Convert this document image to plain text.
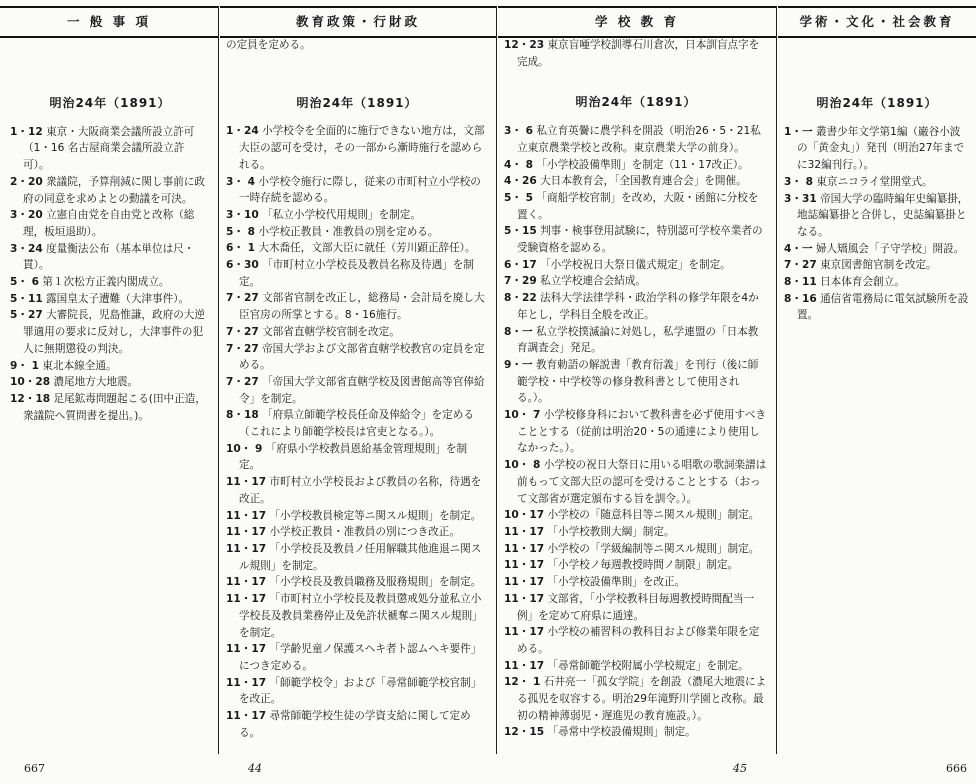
一 般 事 項	教育政策・行財政	学 校 教 育	学術・文化・社会教育
明治24年（1891）
1・12 東京・大阪商業会議所設立許可（1・16 名古屋商業会議所設立許可）。
2・20 衆議院，予算削減に関し事前に政府の同意を求めよとの動議を可決。
3・20 立憲自由党を自由党と改称（総理，板垣退助）。
3・24 度量衡法公布（基本単位は尺・貫）。
5・ 6 第１次松方正義内閣成立。
5・11 露国皇太子遭難（大津事件）。
5・27 大審院長，児島惟謙，政府の大逆罪適用の要求に反対し，大津事件の犯人に無期懲役の判決。
9・ 1 東北本線全通。
10・28 濃尾地方大地震。
12・18 足尾鉱毒問題起こる(田中正造，衆議院へ質問書を提出。)。
の定員を定める。
明治24年（1891）
1・24 小学校令を全面的に施行できない地方は，文部大臣の認可を受け，その一部から漸時施行を認められる。
3・ 4 小学校令施行に際し，従来の市町村立小学校の一時存続を認める。
3・10 「私立小学校代用規則」を制定。
5・ 8 小学校正教員・准教員の別を定める。
6・ 1 大木喬任，文部大臣に就任（芳川顕正辞任）。
6・30 「市町村立小学校長及教員名称及待遇」を制定。
7・27 文部省官制を改正し，総務局・会計局を廃し大臣官房の所掌とする。8・16施行。
7・27 文部省直轄学校官制を改定。
7・27 帝国大学および文部省直轄学校教官の定員を定める。
7・27 「帝国大学文部省直轄学校及図書館高等官俸給令」を制定。
8・18 「府県立師範学校長任命及俸給令」を定める（これにより師範学校長は官吏となる。）。
10・ 9 「府県小学校教員恩給基金管理規則」を制定。
11・17 市町村立小学校長および教員の名称，待遇を改正。
11・17 「小学校教員検定等ニ関スル規則」を制定。
11・17 小学校正教員・准教員の別につき改正。
11・17 「小学校長及教員ノ任用解職其他進退ニ関スル規則」を制定。
11・17 「小学校長及教員職務及服務規則」を制定。
11・17 「市町村立小学校長及教員懲戒処分並私立小学校長及教員業務停止及免許状褫奪ニ関スル規則」を制定。
11・17 「学齢児童ノ保護スヘキ者ト認ムヘキ要件」につき定める。
11・17 「師範学校令」および「尋常師範学校官制」を改正。
11・17 尋常師範学校生徒の学資支給に関して定める。
12・23 東京盲唖学校訓導石川倉次，日本訓盲点字を完成。
明治24年（1891）
3・ 6 私立育英黌に農学科を開設（明治26・5・21私立東京農業学校と改称。東京農業大学の前身）。
4・ 8 「小学校設備準則」を制定（11・17改正）。
4・26 大日本教育会，「全国教育連合会」を開催。
5・ 5 「商船学校官制」を改め，大阪・函館に分校を置く。
5・15 判事・検事登用試験に，特別認可学校卒業者の受験資格を認める。
6・17 「小学校祝日大祭日儀式規定」を制定。
7・29 私立学校連合会結成。
8・22 法科大学法律学科・政治学科の修学年限を4か年とし，学科目全般を改正。
8・一 私立学校撲滅論に対処し，私学連盟の「日本教育調査会」発足。
9・一 教育勅語の解説書「教育衍義」を刊行（後に師範学校・中学校等の修身教科書として使用される。）。
10・ 7 小学校修身科において教科書を必ず使用すべきこととする（従前は明治20・5の通達により使用しなかった。）。
10・ 8 小学校の祝日大祭日に用いる唱歌の歌詞楽譜は前もって文部大臣の認可を受けることとする（おって文部省が選定頒布する旨を訓令。）。
10・17 小学校の「随意科目等ニ関スル規則」制定。
11・17 「小学校教則大綱」制定。
11・17 小学校の「学級編制等ニ関スル規則」制定。
11・17 「小学校ノ毎週教授時間ノ制限」制定。
11・17 「小学校設備準則」を改正。
11・17 文部省，「小学校教科目毎週教授時間配当一例」を定めて府県に通達。
11・17 小学校の補習科の教科目および修業年限を定める。
11・17 「尋常師範学校附属小学校規定」を制定。
12・ 1 石井亮一「孤女学院」を創設（濃尾大地震による孤児を収容する。明治29年滝野川学園と改称。最初の精神薄弱児・遅進児の教育施設。）。
12・15 「尋常中学校設備規則」制定。
明治24年（1891）
1・一 叢書少年文学第1編（巌谷小波の「黄金丸」）発刊（明治27年までに32編刊行。）。
3・ 8 東京ニコライ堂開堂式。
3・31 帝国大学の臨時編年史編纂掛，地誌編纂掛と合併し，史誌編纂掛となる。
4・一 婦人矯風会「子守学校」開設。
7・27 東京図書館官制を改定。
8・11 日本体育会創立。
8・16 通信省電務局に電気試験所を設置。
667	44	45	666
